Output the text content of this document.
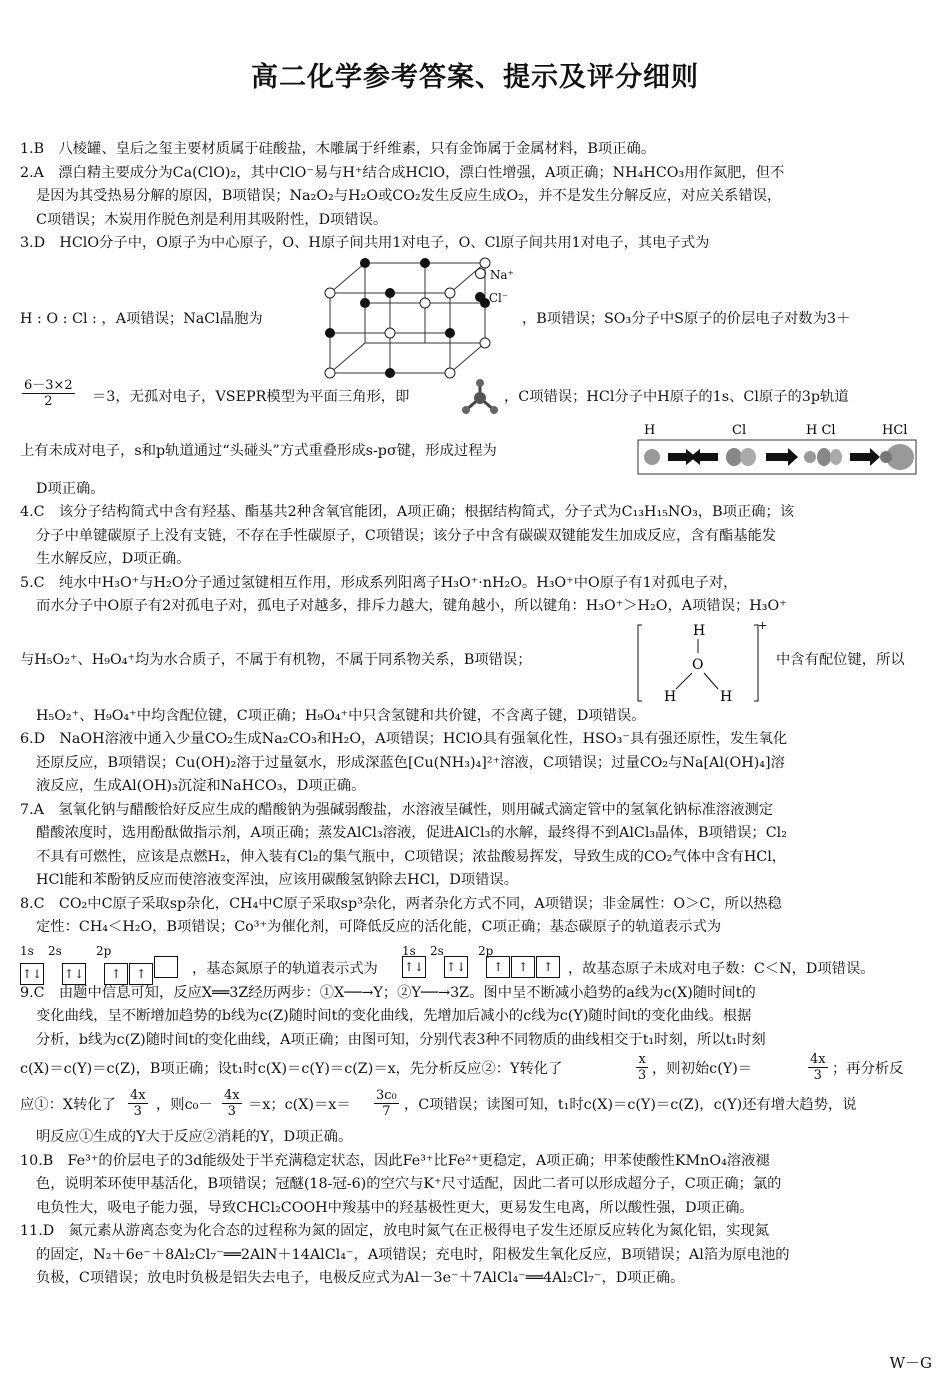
高二化学参考答案、提示及评分细则
1.B　八棱罐、皇后之玺主要材质属于硅酸盐，木雕属于纤维素，只有金饰属于金属材料，B项正确。
2.A　漂白精主要成分为Ca(ClO)₂，其中ClO⁻易与H⁺结合成HClO，漂白性增强，A项正确；NH₄HCO₃用作氮肥，但不
是因为其受热易分解的原因，B项错误；Na₂O₂与H₂O或CO₂发生反应生成O₂，并不是发生分解反应，对应关系错误，
C项错误；木炭用作脱色剂是利用其吸附性，D项错误。
3.D　HClO分子中，O原子为中心原子，O、H原子间共用1对电子，O、Cl原子间共用1对电子，其电子式为
H : O : Cl : ，A项错误；NaCl晶胞为
Na⁺
Cl⁻
，B项错误；SO₃分子中S原子的价层电子对数为3＋
$\frac{6-3\times 2}{2} =3$，无孤对电子，VSEPR模型为平面三角形，即	，C项错误；HCl分子中H原子的1s、Cl原子的3p轨道
上有未成对电子，s和p轨道通过“头碰头”方式重叠形成s-pσ键，形成过程为
H	Cl	H Cl	HCl
D项正确。
4.C　该分子结构简式中含有羟基、酯基共2种含氧官能团，A项正确；根据结构简式，分子式为C₁₃H₁₅NO₃，B项正确；该
分子中单键碳原子上没有支链，不存在手性碳原子，C项错误；该分子中含有碳碳双键能发生加成反应，含有酯基能发
生水解反应，D项正确。
5.C　纯水中H₃O⁺与H₂O分子通过氢键相互作用，形成系列阳离子H₃O⁺·nH₂O。H₃O⁺中O原子有1对孤电子对，
而水分子中O原子有2对孤电子对，孤电子对越多，排斥力越大，键角越小，所以键角：H₃O⁺＞H₂O，A项错误；H₃O⁺
与H₅O₂⁺、H₉O₄⁺均为水合质子，不属于有机物，不属于同系物关系，B项错误；
H
O
H	H
+
中含有配位键，所以
H₅O₂⁺、H₉O₄⁺中均含配位键，C项正确；H₉O₄⁺中只含氢键和共价键，不含离子键，D项错误。
6.D　NaOH溶液中通入少量CO₂生成Na₂CO₃和H₂O，A项错误；HClO具有强氧化性，HSO₃⁻具有强还原性，发生氧化
还原反应，B项错误；Cu(OH)₂溶于过量氨水，形成深蓝色[Cu(NH₃)₄]²⁺溶液，C项错误；过量CO₂与Na[Al(OH)₄]溶
液反应，生成Al(OH)₃沉淀和NaHCO₃，D项正确。
7.A　氢氧化钠与醋酸恰好反应生成的醋酸钠为强碱弱酸盐，水溶液呈碱性，则用碱式滴定管中的氢氧化钠标准溶液测定
醋酸浓度时，选用酚酞做指示剂，A项正确；蒸发AlCl₃溶液，促进AlCl₃的水解，最终得不到AlCl₃晶体，B项错误；Cl₂
不具有可燃性，应该是点燃H₂，伸入装有Cl₂的集气瓶中，C项错误；浓盐酸易挥发，导致生成的CO₂气体中含有HCl，
HCl能和苯酚钠反应而使溶液变浑浊，应该用碳酸氢钠除去HCl，D项错误。
8.C　CO₂中C原子采取sp杂化，CH₄中C原子采取sp³杂化，两者杂化方式不同，A项错误；非金属性：O＞C，所以热稳
定性：CH₄＜H₂O，B项错误；Co³⁺为催化剂，可降低反应的活化能，C项正确；基态碳原子的轨道表示式为
1s 2s	2p
↑↓ ↑↓ ↑ ↑	，基态氮原子的轨道表示式为
1s 2s	2p
↑↓ ↑↓ ↑ ↑ ↑	，故基态原子未成对电子数：C＜N，D项错误。
9.C　由题中信息可知，反应X══3Z经历两步：①X──→Y；②Y──→3Z。图中呈不断减小趋势的a线为c(X)随时间t的
变化曲线，呈不断增加趋势的b线为c(Z)随时间t的变化曲线，先增加后减小的c线为c(Y)随时间t的变化曲线。根据
分析，b线为c(Z)随时间t的变化曲线，A项正确；由图可知，分别代表3种不同物质的曲线相交于t₁时刻，所以t₁时刻
c(X)＝c(Y)＝c(Z)，B项正确；设t₁时c(X)＝c(Y)＝c(Z)＝x，先分析反应②：Y转化了	$\frac{x}{3}$ ，则初始c(Y)＝	$\frac{4x}{3}$ ；再分析反
应①：X转化了 $\frac{4x}{3}$ ，则$c_0- \frac{4x}{3} =x$；$c(X)=x= \frac{\text{3c₀}}{7}$ ，C项错误；读图可知，t₁时c(X)＝c(Y)＝c(Z)，c(Y)还有增大趋势，说
明反应①生成的Y大于反应②消耗的Y，D项正确。
10.B　Fe³⁺的价层电子的3d能级处于半充满稳定状态，因此Fe³⁺比Fe²⁺更稳定，A项正确；甲苯使酸性KMnO₄溶液褪
色，说明苯环使甲基活化，B项错误；冠醚(18-冠-6)的空穴与K⁺尺寸适配，因此二者可以形成超分子，C项正确；氯的
电负性大，吸电子能力强，导致CHCl₂COOH中羧基中的羟基极性更大，更易发生电离，所以酸性强，D项正确。
11.D　氮元素从游离态变为化合态的过程称为氮的固定，放电时氮气在正极得电子发生还原反应转化为氮化铝，实现氮
的固定，N₂＋6e⁻＋8Al₂Cl₇⁻══2AlN＋14AlCl₄⁻，A项错误；充电时，阳极发生氧化反应，B项错误；Al箔为原电池的
负极，C项错误；放电时负极是铝失去电子，电极反应式为Al－3e⁻＋7AlCl₄⁻══4Al₂Cl₇⁻，D项正确。
W－G
